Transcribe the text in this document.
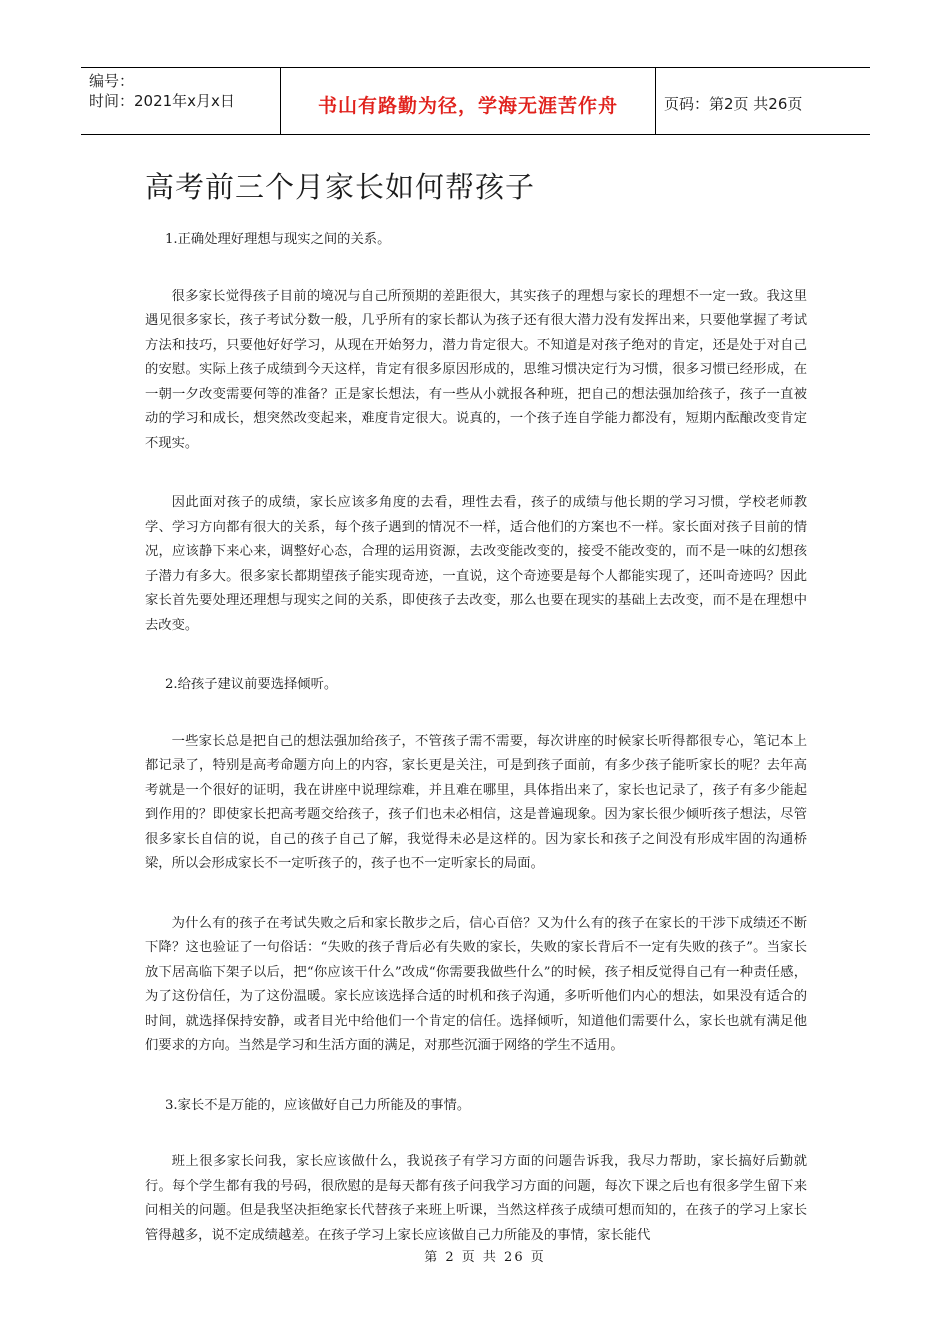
编号：
时间：2021年x月x日	书山有路勤为径，学海无涯苦作舟	页码：第2页 共26页
高考前三个月家长如何帮孩子

1.正确处理好理想与现实之间的关系。

很多家长觉得孩子目前的境况与自己所预期的差距很大，其实孩子的理想与家长的理想不一定一致。我这里遇见很多家长，孩子考试分数一般，几乎所有的家长都认为孩子还有很大潜力没有发挥出来，只要他掌握了考试方法和技巧，只要他好好学习，从现在开始努力，潜力肯定很大。不知道是对孩子绝对的肯定，还是处于对自己的安慰。实际上孩子成绩到今天这样，肯定有很多原因形成的，思维习惯决定行为习惯，很多习惯已经形成，在一朝一夕改变需要何等的准备？正是家长想法，有一些从小就报各种班，把自己的想法强加给孩子，孩子一直被动的学习和成长，想突然改变起来，难度肯定很大。说真的，一个孩子连自学能力都没有，短期内酝酿改变肯定不现实。

因此面对孩子的成绩，家长应该多角度的去看，理性去看，孩子的成绩与他长期的学习习惯，学校老师教学、学习方向都有很大的关系，每个孩子遇到的情况不一样，适合他们的方案也不一样。家长面对孩子目前的情况，应该静下来心来，调整好心态，合理的运用资源，去改变能改变的，接受不能改变的，而不是一味的幻想孩子潜力有多大。很多家长都期望孩子能实现奇迹，一直说，这个奇迹要是每个人都能实现了，还叫奇迹吗？因此家长首先要处理还理想与现实之间的关系，即使孩子去改变，那么也要在现实的基础上去改变，而不是在理想中去改变。

2.给孩子建议前要选择倾听。

一些家长总是把自己的想法强加给孩子，不管孩子需不需要，每次讲座的时候家长听得都很专心，笔记本上都记录了，特别是高考命题方向上的内容，家长更是关注，可是到孩子面前，有多少孩子能听家长的呢？去年高考就是一个很好的证明，我在讲座中说理综难，并且难在哪里，具体指出来了，家长也记录了，孩子有多少能起到作用的？即使家长把高考题交给孩子，孩子们也未必相信，这是普遍现象。因为家长很少倾听孩子想法，尽管很多家长自信的说，自己的孩子自己了解，我觉得未必是这样的。因为家长和孩子之间没有形成牢固的沟通桥梁，所以会形成家长不一定听孩子的，孩子也不一定听家长的局面。

为什么有的孩子在考试失败之后和家长散步之后，信心百倍？又为什么有的孩子在家长的干涉下成绩还不断下降？这也验证了一句俗话：“失败的孩子背后必有失败的家长，失败的家长背后不一定有失败的孩子”。当家长放下居高临下架子以后，把“你应该干什么”改成“你需要我做些什么”的时候，孩子相反觉得自己有一种责任感，为了这份信任，为了这份温暖。家长应该选择合适的时机和孩子沟通，多听听他们内心的想法，如果没有适合的时间，就选择保持安静，或者目光中给他们一个肯定的信任。选择倾听，知道他们需要什么，家长也就有满足他们要求的方向。当然是学习和生活方面的满足，对那些沉湎于网络的学生不适用。

3.家长不是万能的，应该做好自己力所能及的事情。

班上很多家长问我，家长应该做什么，我说孩子有学习方面的问题告诉我，我尽力帮助，家长搞好后勤就行。每个学生都有我的号码，很欣慰的是每天都有孩子问我学习方面的问题，每次下课之后也有很多学生留下来问相关的问题。但是我坚决拒绝家长代替孩子来班上听课，当然这样孩子成绩可想而知的，在孩子的学习上家长管得越多，说不定成绩越差。在孩子学习上家长应该做自己力所能及的事情，家长能代

第 2 页 共 26 页
